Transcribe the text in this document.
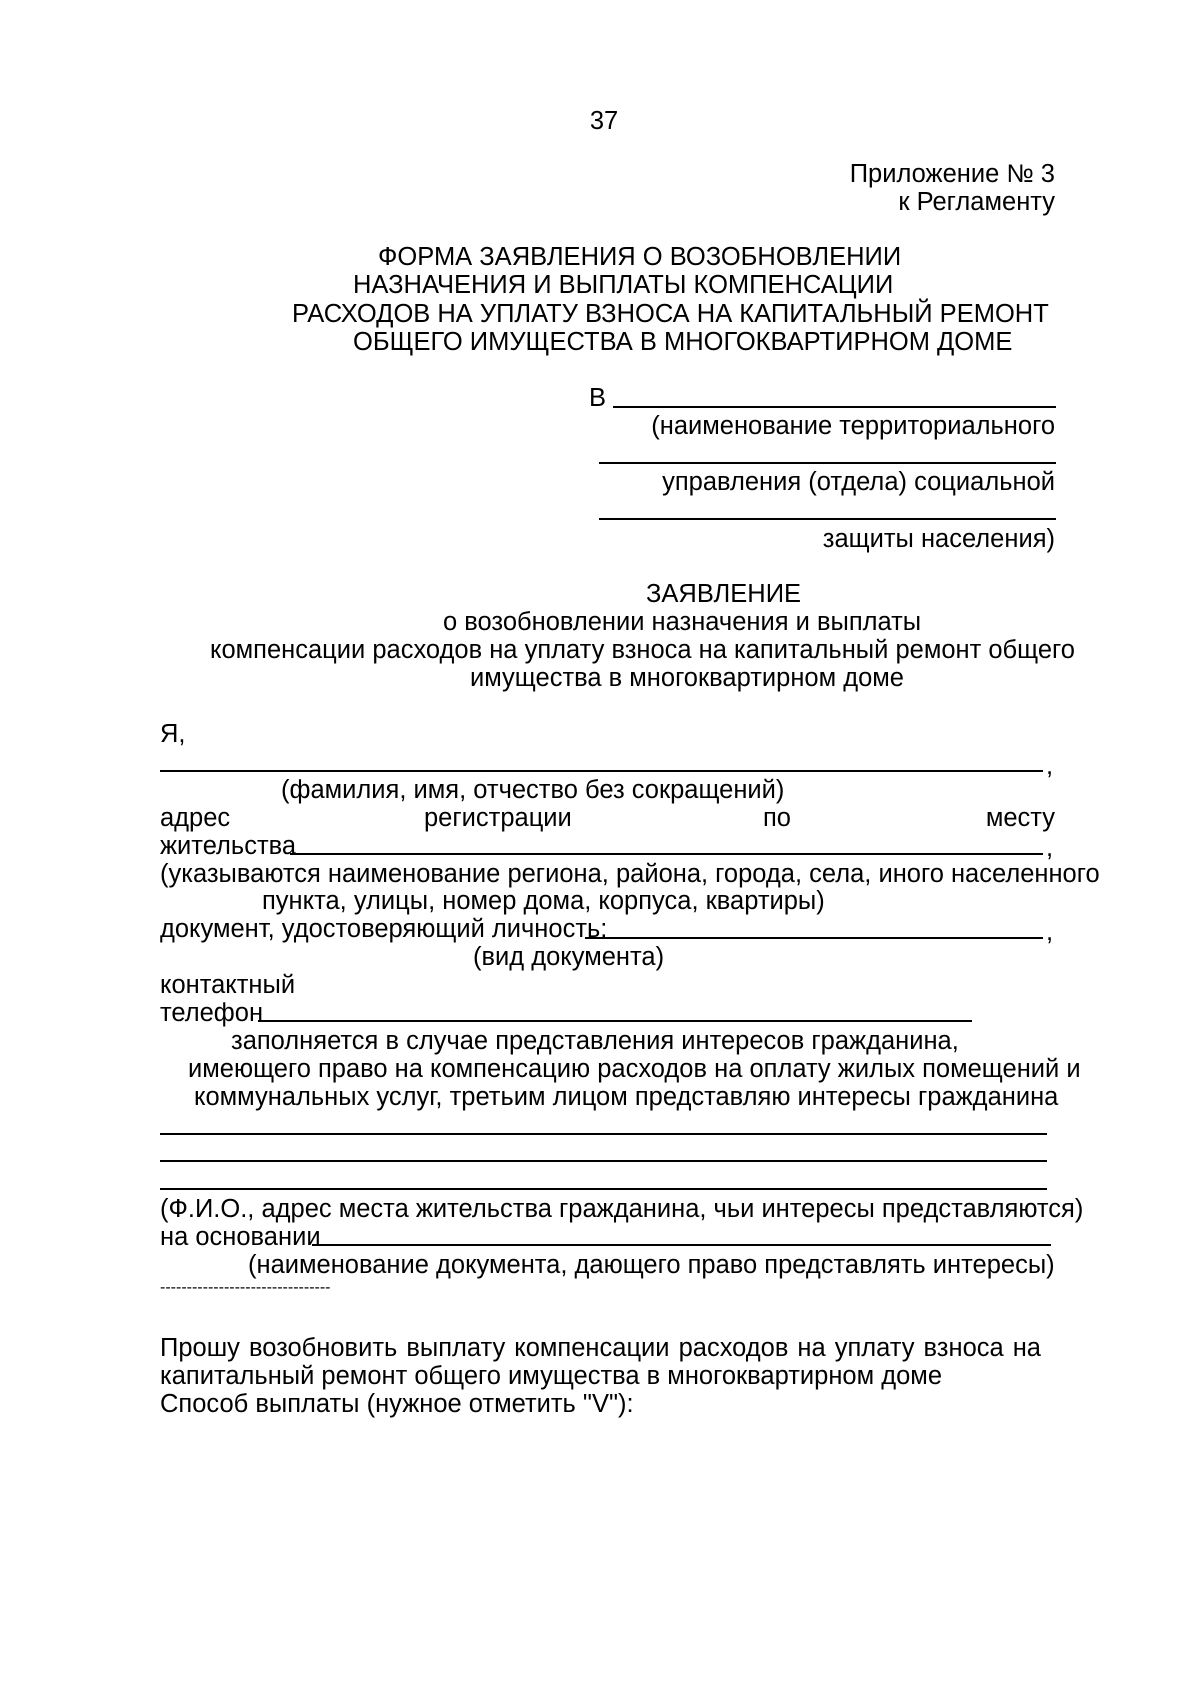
37
Приложение № 3
к Регламенту
ФОРМА ЗАЯВЛЕНИЯ О ВОЗОБНОВЛЕНИИ
НАЗНАЧЕНИЯ И ВЫПЛАТЫ КОМПЕНСАЦИИ
РАСХОДОВ НА УПЛАТУ ВЗНОСА НА КАПИТАЛЬНЫЙ РЕМОНТ
ОБЩЕГО ИМУЩЕСТВА В МНОГОКВАРТИРНОМ ДОМЕ
В
(наименование территориального
управления (отдела) социальной
защиты населения)
ЗАЯВЛЕНИЕ
о возобновлении назначения и выплаты
компенсации расходов на уплату взноса на капитальный ремонт общего
имущества в многоквартирном доме
Я,
,
(фамилия, имя, отчество без сокращений)
адрес	регистрации	по	месту
жительства	,
(указываются наименование региона, района, города, села, иного населенного
пункта, улицы, номер дома, корпуса, квартиры)
документ, удостоверяющий личность:	,
(вид документа)
контактный
телефон
заполняется в случае представления интересов гражданина,
имеющего право на компенсацию расходов на оплату жилых помещений и
коммунальных услуг, третьим лицом представляю интересы гражданина
(Ф.И.О., адрес места жительства гражданина, чьи интересы представляются)
на основании
(наименование документа, дающего право представлять интересы)
--------------------------------
Прошу возобновить выплату компенсации расходов на уплату взноса на
капитальный ремонт общего имущества в многоквартирном доме
Способ выплаты (нужное отметить "V"):
